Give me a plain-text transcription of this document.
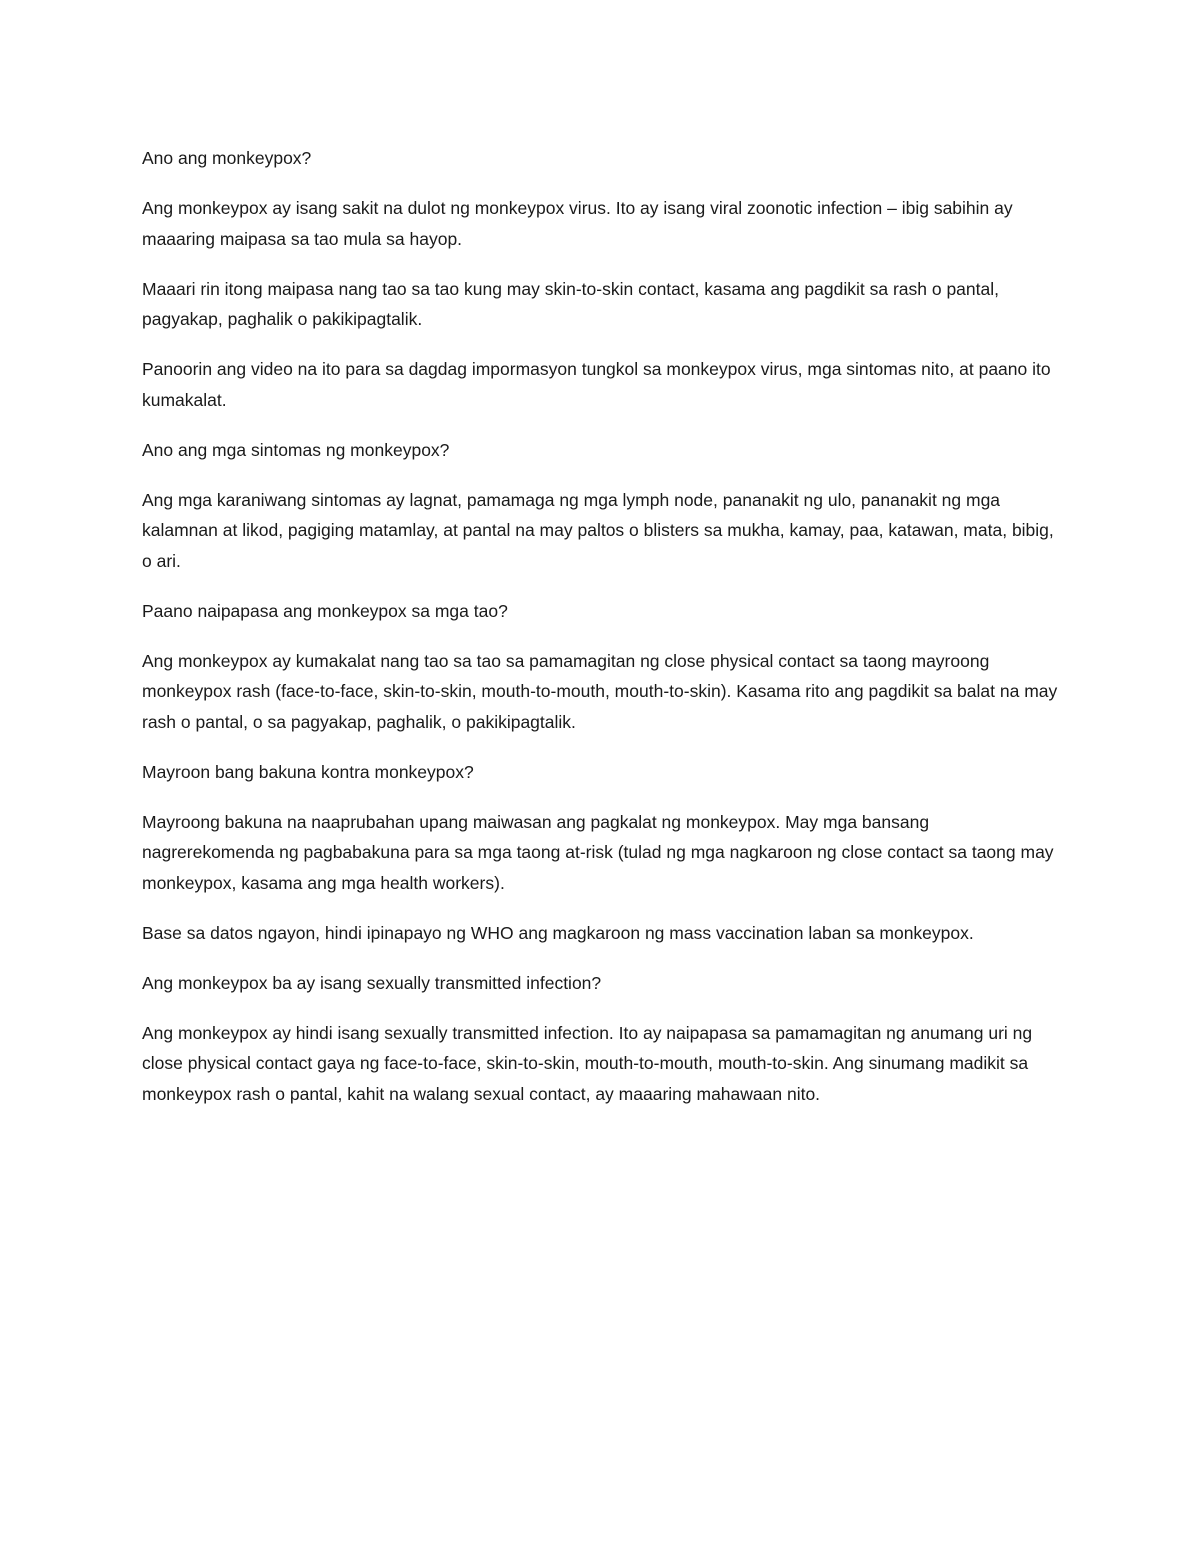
Ano ang monkeypox?

Ang monkeypox ay isang sakit na dulot ng monkeypox virus. Ito ay isang viral zoonotic infection – ibig sabihin ay maaaring maipasa sa tao mula sa hayop.

Maaari rin itong maipasa nang tao sa tao kung may skin-to-skin contact, kasama ang pagdikit sa rash o pantal, pagyakap, paghalik o pakikipagtalik.

Panoorin ang video na ito para sa dagdag impormasyon tungkol sa monkeypox virus, mga sintomas nito, at paano ito kumakalat.

Ano ang mga sintomas ng monkeypox?

Ang mga karaniwang sintomas ay lagnat, pamamaga ng mga lymph node, pananakit ng ulo, pananakit ng mga kalamnan at likod, pagiging matamlay, at pantal na may paltos o blisters sa mukha, kamay, paa, katawan, mata, bibig, o ari.

Paano naipapasa ang monkeypox sa mga tao?

Ang monkeypox ay kumakalat nang tao sa tao sa pamamagitan ng close physical contact sa taong mayroong monkeypox rash (face-to-face, skin-to-skin, mouth-to-mouth, mouth-to-skin). Kasama rito ang pagdikit sa balat na may rash o pantal, o sa pagyakap, paghalik, o pakikipagtalik.

Mayroon bang bakuna kontra monkeypox?

Mayroong bakuna na naaprubahan upang maiwasan ang pagkalat ng monkeypox. May mga bansang nagrerekomenda ng pagbabakuna para sa mga taong at-risk (tulad ng mga nagkaroon ng close contact sa taong may monkeypox, kasama ang mga health workers).

Base sa datos ngayon, hindi ipinapayo ng WHO ang magkaroon ng mass vaccination laban sa monkeypox.

Ang monkeypox ba ay isang sexually transmitted infection?

Ang monkeypox ay hindi isang sexually transmitted infection. Ito ay naipapasa sa pamamagitan ng anumang uri ng close physical contact gaya ng face-to-face, skin-to-skin, mouth-to-mouth, mouth-to-skin. Ang sinumang madikit sa monkeypox rash o pantal, kahit na walang sexual contact, ay maaaring mahawaan nito.
